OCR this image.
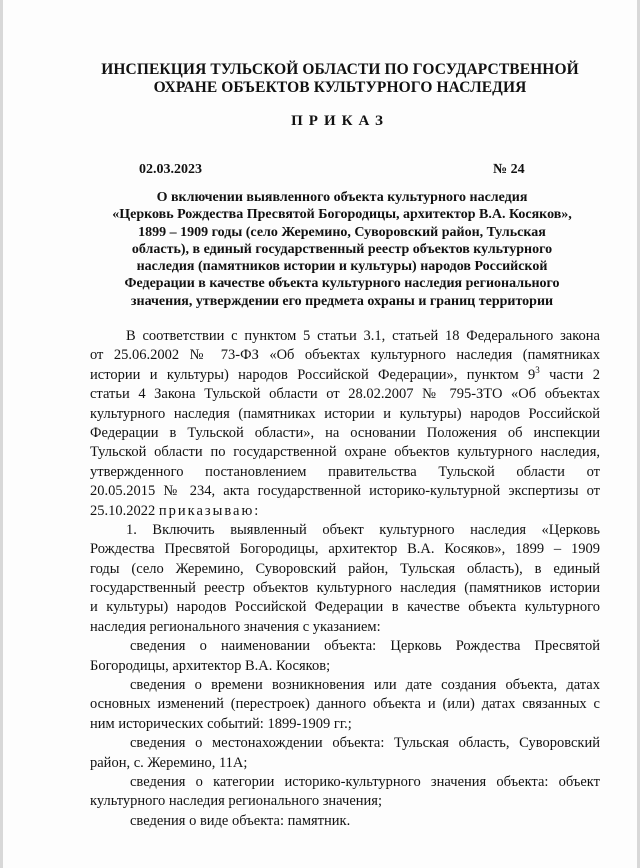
ИНСПЕКЦИЯ ТУЛЬСКОЙ ОБЛАСТИ ПО ГОСУДАРСТВЕННОЙ
ОХРАНЕ ОБЪЕКТОВ КУЛЬТУРНОГО НАСЛЕДИЯ
ПРИКАЗ
02.03.2023	№ 24
О включении выявленного объекта культурного наследия
«Церковь Рождества Пресвятой Богородицы, архитектор В.А. Косяков»,
1899 – 1909 годы (село Жеремино, Суворовский район, Тульская
область), в единый государственный реестр объектов культурного
наследия (памятников истории и культуры) народов Российской
Федерации в качестве объекта культурного наследия регионального
значения, утверждении его предмета охраны и границ территории
В соответствии с пунктом 5 статьи 3.1, статьей 18 Федерального закона
от 25.06.2002 № 73-ФЗ «Об объектах культурного наследия (памятниках
истории и культуры) народов Российской Федерации», пунктом $9^3$ части 2
статьи 4 Закона Тульской области от 28.02.2007 № 795-ЗТО «Об объектах
культурного наследия (памятниках истории и культуры) народов Российской
Федерации в Тульской области», на основании Положения об инспекции
Тульской области по государственной охране объектов культурного наследия,
утвержденного постановлением правительства Тульской области от
20.05.2015 № 234, акта государственной историко-культурной экспертизы от
25.10.2022 приказываю:
1. Включить выявленный объект культурного наследия «Церковь
Рождества Пресвятой Богородицы, архитектор В.А. Косяков», 1899 – 1909
годы (село Жеремино, Суворовский район, Тульская область), в единый
государственный реестр объектов культурного наследия (памятников истории
и культуры) народов Российской Федерации в качестве объекта культурного
наследия регионального значения с указанием:
сведения о наименовании объекта: Церковь Рождества Пресвятой
Богородицы, архитектор В.А. Косяков;
сведения о времени возникновения или дате создания объекта, датах
основных изменений (перестроек) данного объекта и (или) датах связанных с
ним исторических событий: 1899-1909 гг.;
сведения о местонахождении объекта: Тульская область, Суворовский
район, с. Жеремино, 11А;
сведения о категории историко-культурного значения объекта: объект
культурного наследия регионального значения;
сведения о виде объекта: памятник.
